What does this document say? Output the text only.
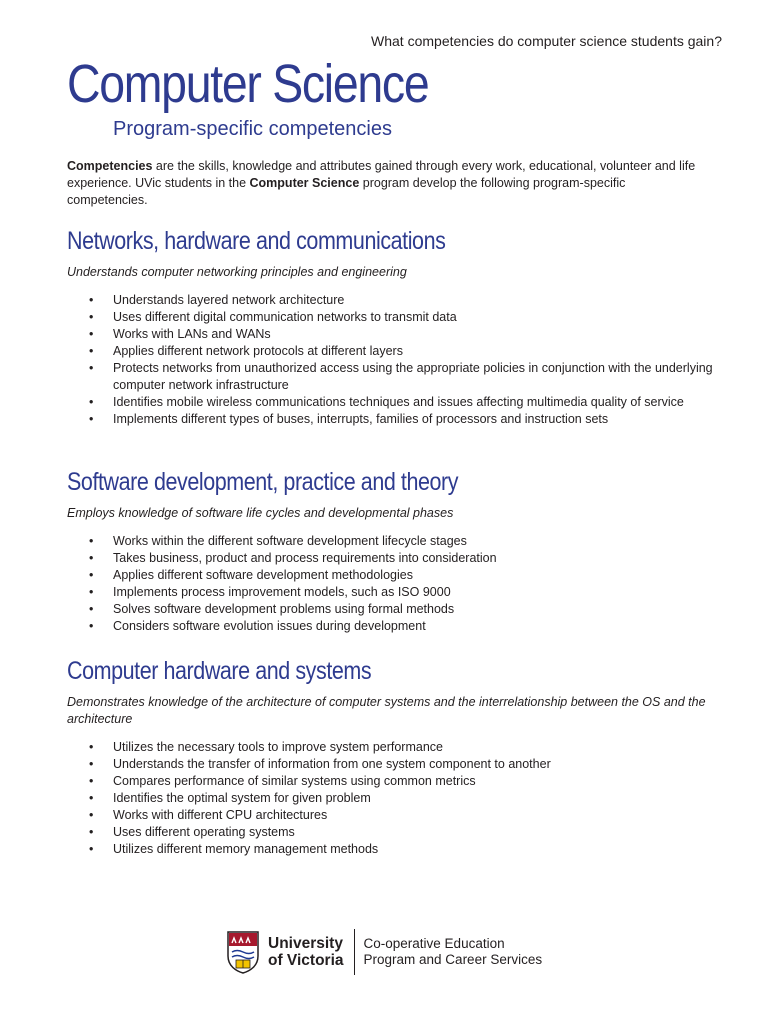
What competencies do computer science students gain?
Computer Science
Program-specific competencies

Competencies are the skills, knowledge and attributes gained through every work, educational, volunteer and life experience. UVic students in the Computer Science program develop the following program-specific competencies.

Networks, hardware and communications

Understands computer networking principles and engineering

• Understands layered network architecture
• Uses different digital communication networks to transmit data
• Works with LANs and WANs
• Applies different network protocols at different layers
• Protects networks from unauthorized access using the appropriate policies in conjunction with the underlying computer network infrastructure
• Identifies mobile wireless communications techniques and issues affecting multimedia quality of service
• Implements different types of buses, interrupts, families of processors and instruction sets
Software development, practice and theory

Employs knowledge of software life cycles and developmental phases

• Works within the different software development lifecycle stages
• Takes business, product and process requirements into consideration
• Applies different software development methodologies
• Implements process improvement models, such as ISO 9000
• Solves software development problems using formal methods
• Considers software evolution issues during development
Computer hardware and systems

Demonstrates knowledge of the architecture of computer systems and the interrelationship between the OS and the architecture

• Utilizes the necessary tools to improve system performance
• Understands the transfer of information from one system component to another
• Compares performance of similar systems using common metrics
• Identifies the optimal system for given problem
• Works with different CPU architectures
• Uses different operating systems
• Utilizes different memory management methods
University
of Victoria
Co-operative Education
Program and Career Services
